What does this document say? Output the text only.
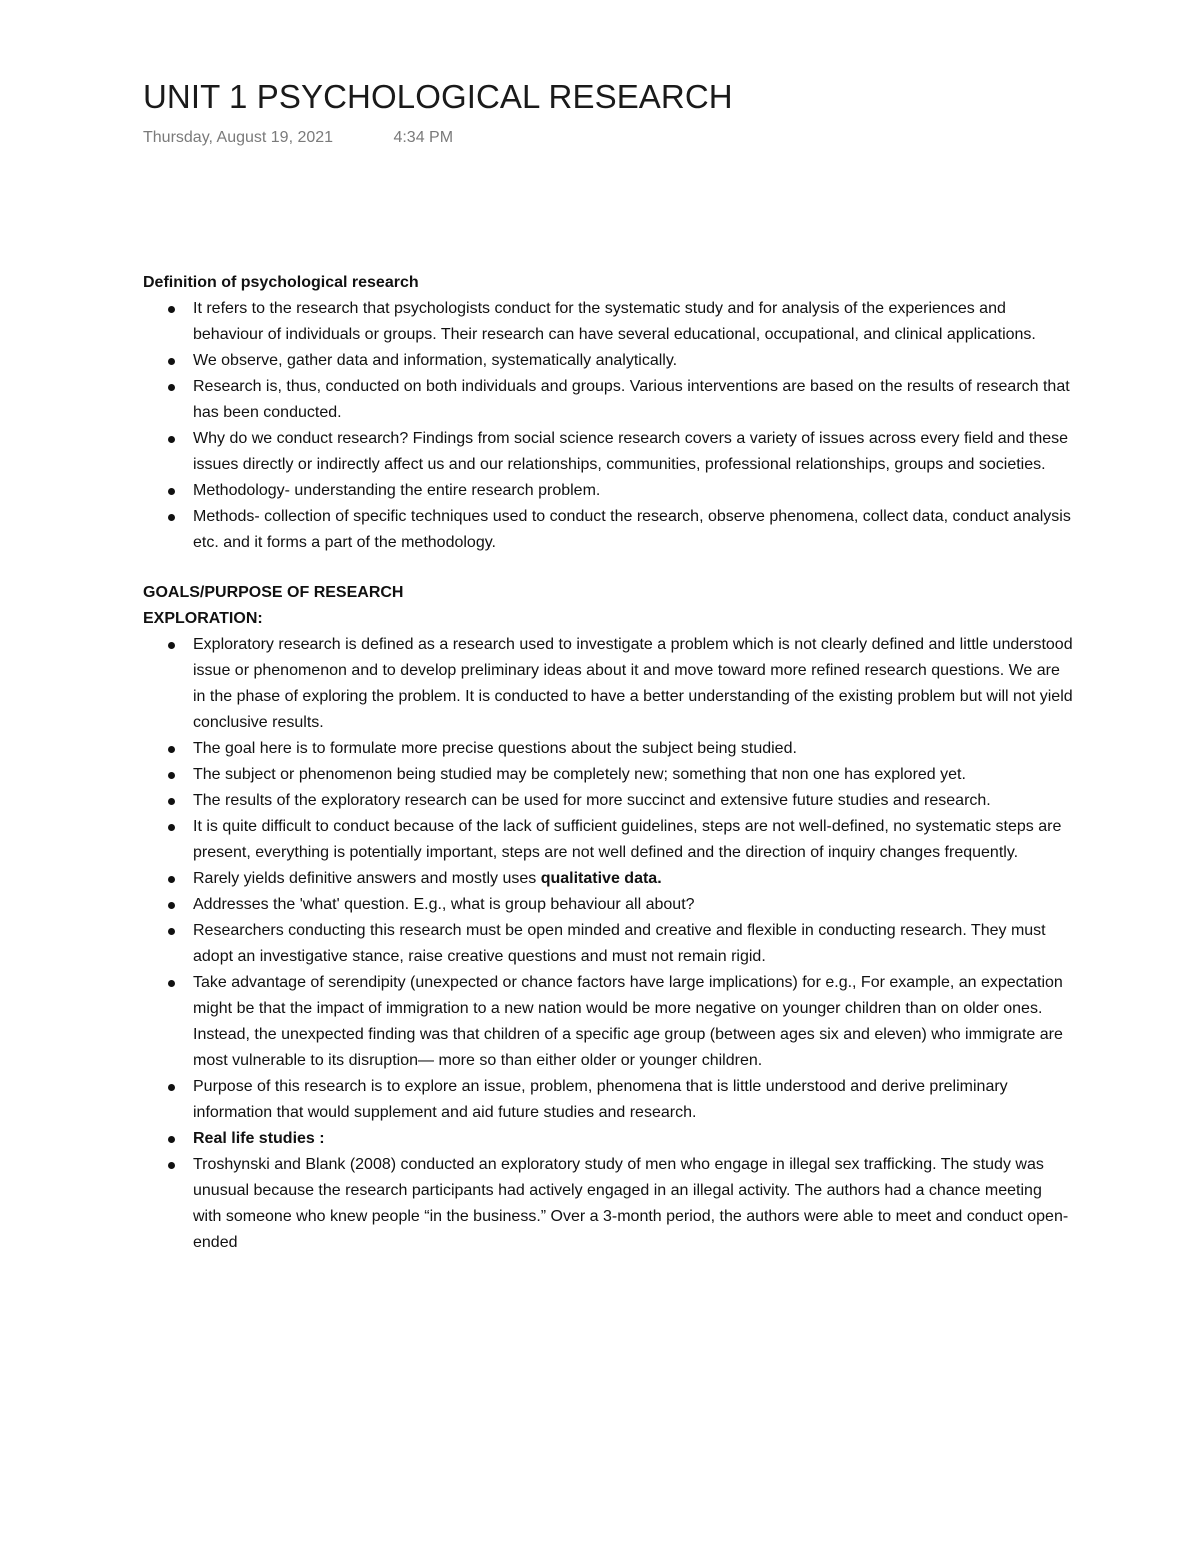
UNIT 1 PSYCHOLOGICAL RESEARCH
Thursday, August 19, 2021	4:34 PM

Definition of psychological research

It refers to the research that psychologists conduct for the systematic study and for analysis of the experiences and behaviour of individuals or groups. Their research can have several educational, occupational, and clinical applications.
We observe, gather data and information, systematically analytically.
Research is, thus, conducted on both individuals and groups. Various interventions are based on the results of research that has been conducted.
Why do we conduct research? Findings from social science research covers a variety of issues across every field and these issues directly or indirectly affect us and our relationships, communities, professional relationships, groups and societies.
Methodology- understanding the entire research problem.
Methods- collection of specific techniques used to conduct the research, observe phenomena, collect data, conduct analysis etc. and it forms a part of the methodology.

GOALS/PURPOSE OF RESEARCH

EXPLORATION:

Exploratory research is defined as a research used to investigate a problem which is not clearly defined and little understood issue or phenomenon and to develop preliminary ideas about it and move toward more refined research questions. We are in the phase of exploring the problem. It is conducted to have a better understanding of the existing problem but will not yield conclusive results.
The goal here is to formulate more precise questions about the subject being studied.
The subject or phenomenon being studied may be completely new; something that non one has explored yet.
The results of the exploratory research can be used for more succinct and extensive future studies and research.
It is quite difficult to conduct because of the lack of sufficient guidelines, steps are not well-defined, no systematic steps are present, everything is potentially important, steps are not well defined and the direction of inquiry changes frequently.
Rarely yields definitive answers and mostly uses qualitative data.
Addresses the 'what' question. E.g., what is group behaviour all about?
Researchers conducting this research must be open minded and creative and flexible in conducting research. They must adopt an investigative stance, raise creative questions and must not remain rigid.
Take advantage of serendipity (unexpected or chance factors have large implications) for e.g., For example, an expectation might be that the impact of immigration to a new nation would be more negative on younger children than on older ones. Instead, the unexpected finding was that children of a specific age group (between ages six and eleven) who immigrate are most vulnerable to its disruption— more so than either older or younger children.
Purpose of this research is to explore an issue, problem, phenomena that is little understood and derive preliminary information that would supplement and aid future studies and research.
Real life studies :
Troshynski and Blank (2008) conducted an exploratory study of men who engage in illegal sex trafficking. The study was unusual because the research participants had actively engaged in an illegal activity. The authors had a chance meeting with someone who knew people “in the business.” Over a 3-month period, the authors were able to meet and conduct open-ended
